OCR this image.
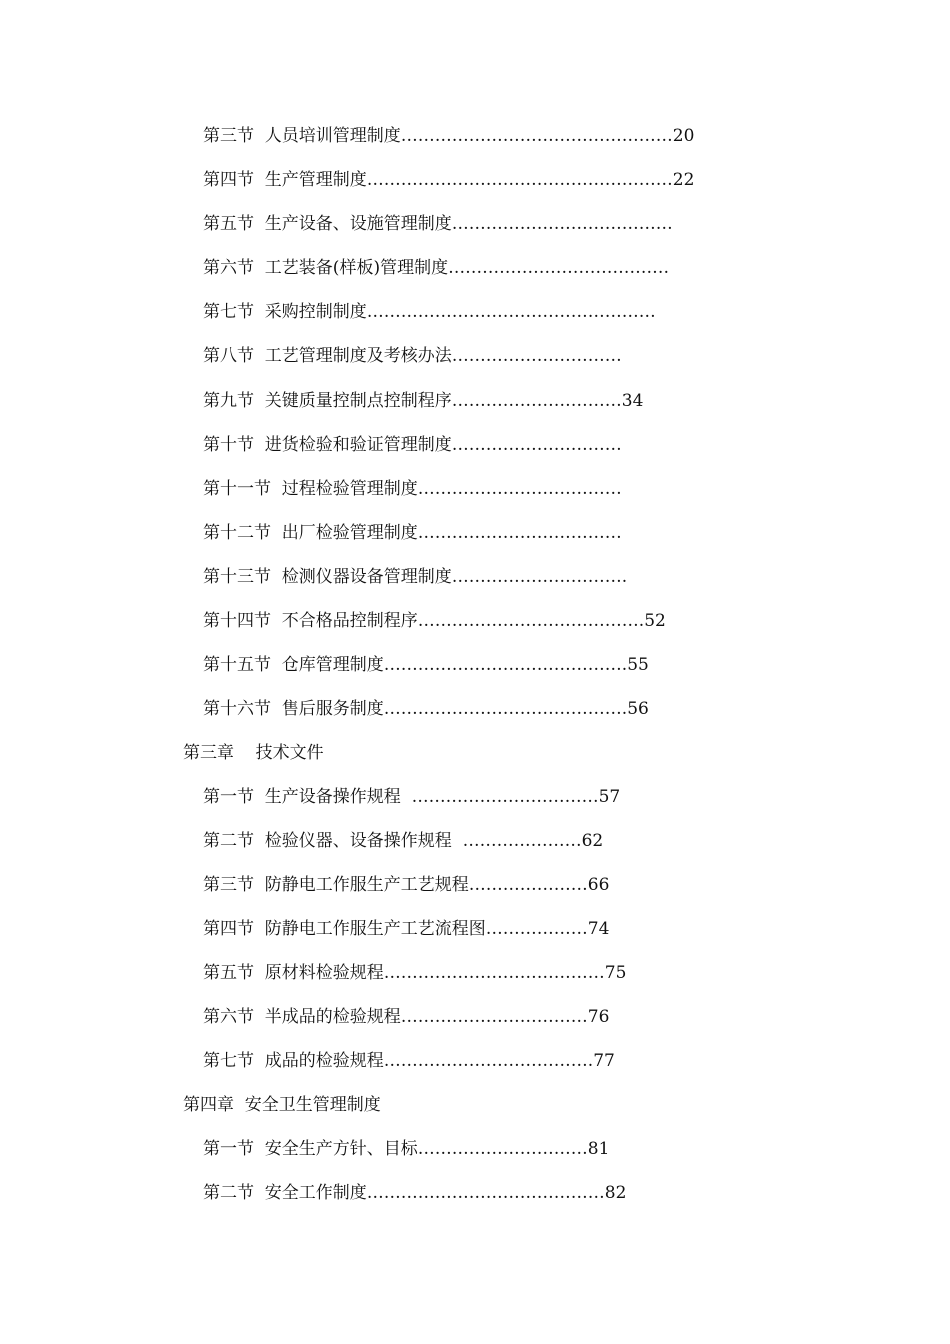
第三节  人员培训管理制度…………………………………………20
第四节  生产管理制度………………………………………………22
第五节  生产设备、设施管理制度…………………………………
第六节  工艺装备(样板)管理制度…………………………………
第七节  采购控制制度……………………………………………
第八节  工艺管理制度及考核办法…………………………
第九节  关键质量控制点控制程序…………………………34
第十节  进货检验和验证管理制度…………………………
第十一节  过程检验管理制度………………………………
第十二节  出厂检验管理制度………………………………
第十三节  检测仪器设备管理制度………………………….
第十四节  不合格品控制程序………………………………….52
第十五节  仓库管理制度…………………………………….55
第十六节  售后服务制度…………………………………….56
第三章    技术文件
第一节  生产设备操作规程  ……………………………57
第二节  检验仪器、设备操作规程  …………………62
第三节  防静电工作服生产工艺规程…………………66
第四节  防静电工作服生产工艺流程图………………74
第五节  原材料检验规程…………………………………75
第六节  半成品的检验规程……………………………76
第七节  成品的检验规程……………………………….77
第四章  安全卫生管理制度
第一节  安全生产方针、目标…………………………81
第二节  安全工作制度……………………………………82
